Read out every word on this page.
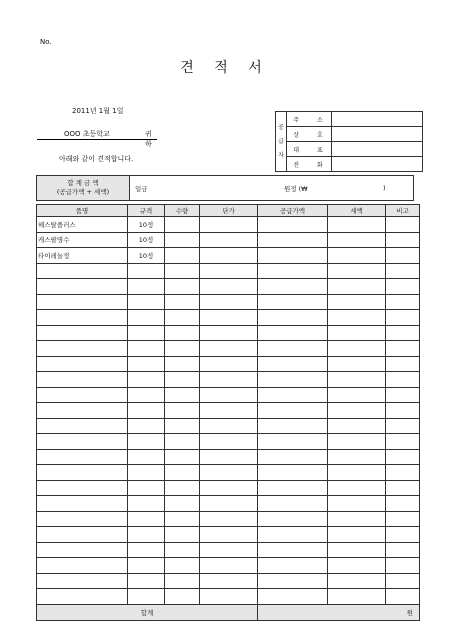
No.
견 적 서
2011년 1월 1일
OOO 초등학교	귀하
아래와 같이 견적합니다.
공
급
자	주 소	
	상 호	
	대 표	
	전 화	
합 계 금 액
(공급가액 + 세액)	일금	원정 (₩	)
품명	규격	수량	단가	공급가액	세액	비고
헤스탈플러스	10정					
캐스팔명수	10정					
타이레놀정	10정					

합계				원		
